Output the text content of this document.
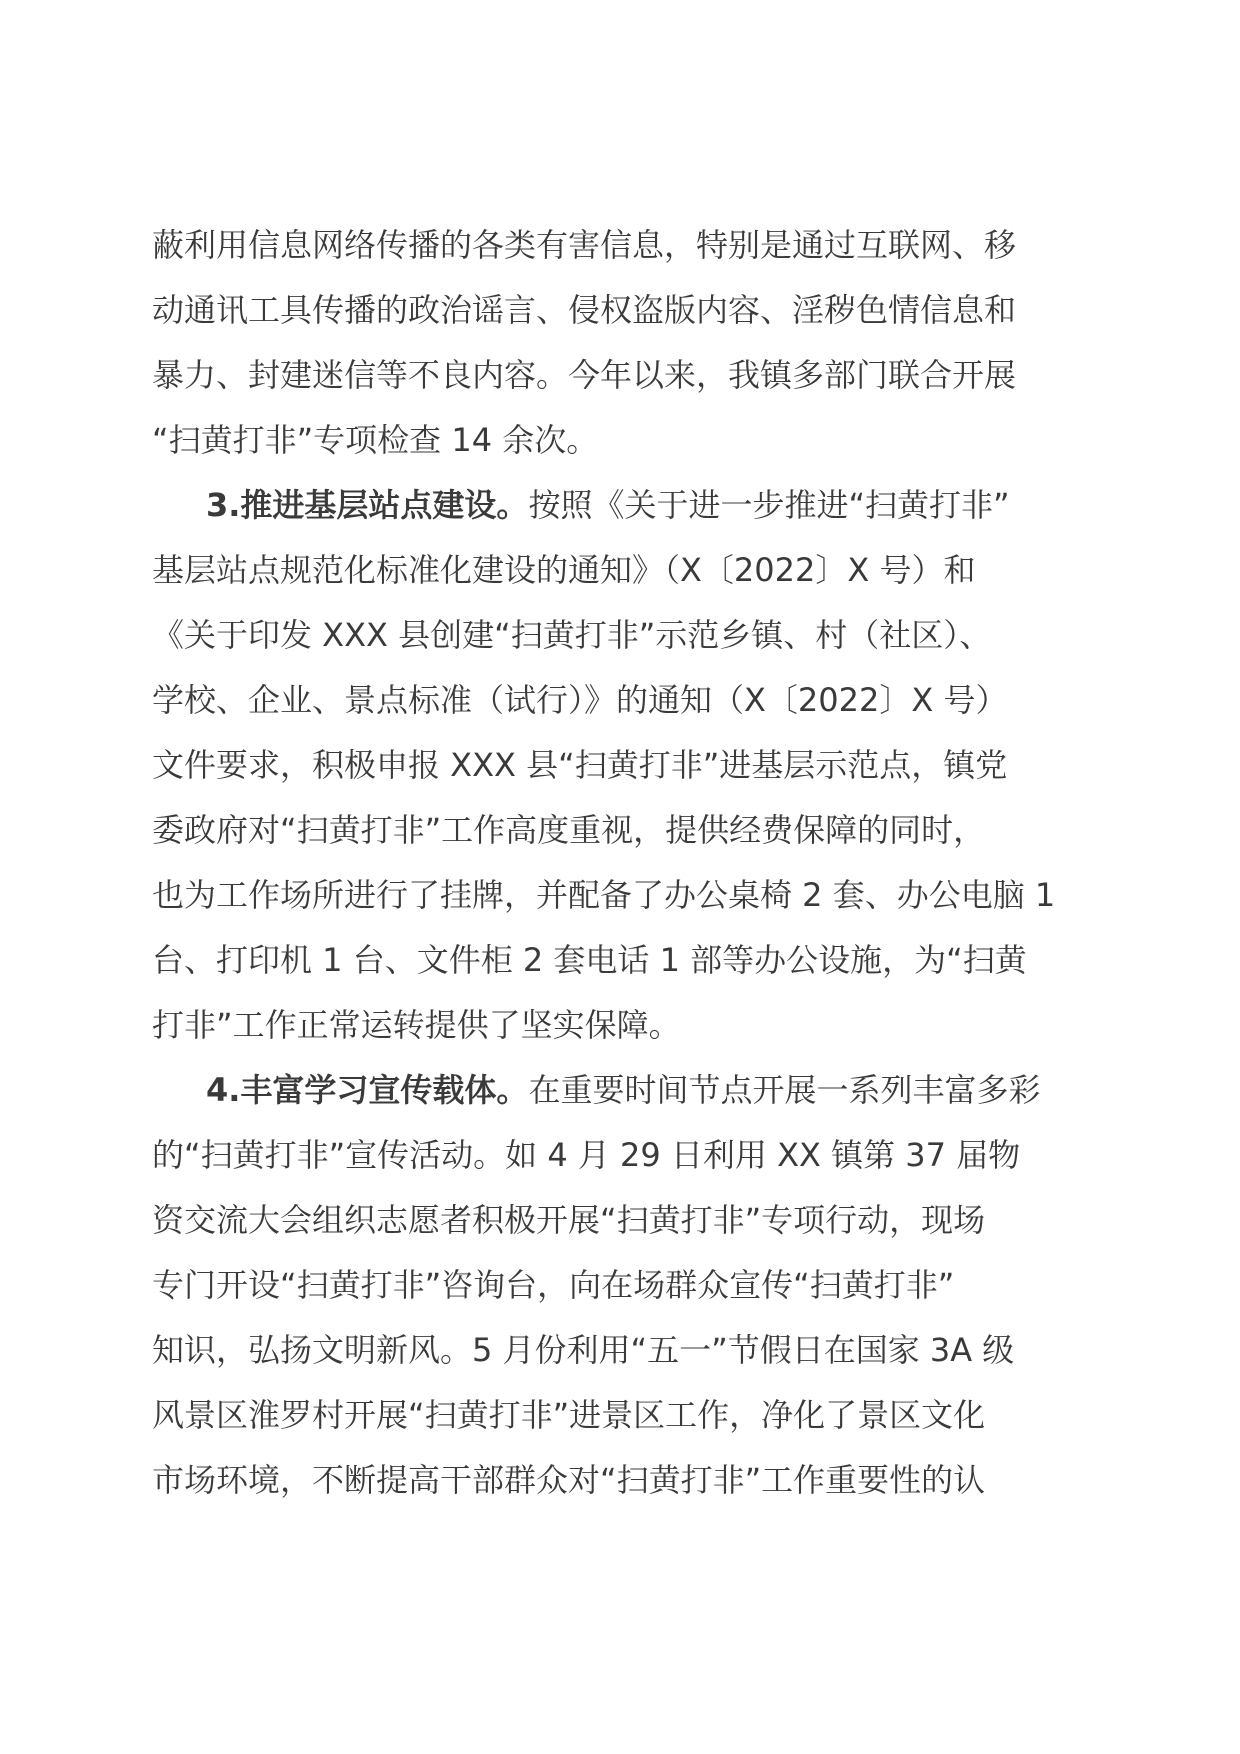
蔽利用信息网络传播的各类有害信息，特别是通过互联网、移
动通讯工具传播的政治谣言、侵权盗版内容、淫秽色情信息和
暴力、封建迷信等不良内容。今年以来，我镇多部门联合开展
“扫黄打非”专项检查 14 余次。
3.推进基层站点建设。按照《关于进一步推进“扫黄打非”
基层站点规范化标准化建设的通知》（X〔2022〕X 号）和
《关于印发 XXX 县创建“扫黄打非”示范乡镇、村（社区）、
学校、企业、景点标准（试行）》的通知（X〔2022〕X 号）
文件要求，积极申报 XXX 县“扫黄打非”进基层示范点，镇党
委政府对“扫黄打非”工作高度重视，提供经费保障的同时，
也为工作场所进行了挂牌，并配备了办公桌椅 2 套、办公电脑 1
台、打印机 1 台、文件柜 2 套电话 1 部等办公设施，为“扫黄
打非”工作正常运转提供了坚实保障。
4.丰富学习宣传载体。在重要时间节点开展一系列丰富多彩
的“扫黄打非”宣传活动。如 4 月 29 日利用 XX 镇第 37 届物
资交流大会组织志愿者积极开展“扫黄打非”专项行动，现场
专门开设“扫黄打非”咨询台，向在场群众宣传“扫黄打非”
知识，弘扬文明新风。5 月份利用“五一”节假日在国家 3A 级
风景区淮罗村开展“扫黄打非”进景区工作，净化了景区文化
市场环境，不断提高干部群众对“扫黄打非”工作重要性的认
